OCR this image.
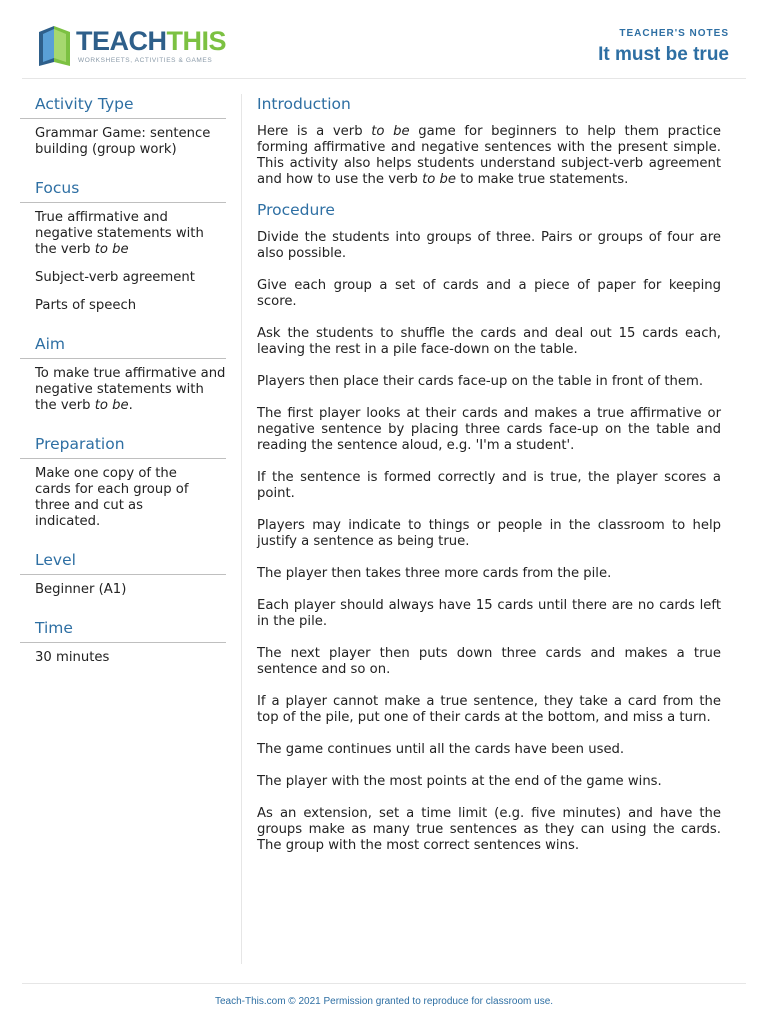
TEACHTHIS
WORKSHEETS, ACTIVITIES & GAMES
TEACHER'S NOTES
It must be true
Activity Type
Grammar Game: sentence building (group work)
Focus
True affirmative and negative statements with the verb to be
Subject-verb agreement
Parts of speech
Aim
To make true affirmative and negative statements with the verb to be.
Preparation
Make one copy of the cards for each group of three and cut as indicated.
Level
Beginner (A1)
Time
30 minutes
Introduction

Here is a verb to be game for beginners to help them practice forming affirmative and negative sentences with the present simple. This activity also helps students understand subject-verb agreement and how to use the verb to be to make true statements.

Procedure

Divide the students into groups of three. Pairs or groups of four are also possible.

Give each group a set of cards and a piece of paper for keeping score.

Ask the students to shuffle the cards and deal out 15 cards each, leaving the rest in a pile face-down on the table.

Players then place their cards face-up on the table in front of them.

The first player looks at their cards and makes a true affirmative or negative sentence by placing three cards face-up on the table and reading the sentence aloud, e.g. 'I'm a student'.

If the sentence is formed correctly and is true, the player scores a point.

Players may indicate to things or people in the classroom to help justify a sentence as being true.

The player then takes three more cards from the pile.

Each player should always have 15 cards until there are no cards left in the pile.

The next player then puts down three cards and makes a true sentence and so on.

If a player cannot make a true sentence, they take a card from the top of the pile, put one of their cards at the bottom, and miss a turn.

The game continues until all the cards have been used.

The player with the most points at the end of the game wins.

As an extension, set a time limit (e.g. five minutes) and have the groups make as many true sentences as they can using the cards. The group with the most correct sentences wins.

Teach-This.com © 2021 Permission granted to reproduce for classroom use.
